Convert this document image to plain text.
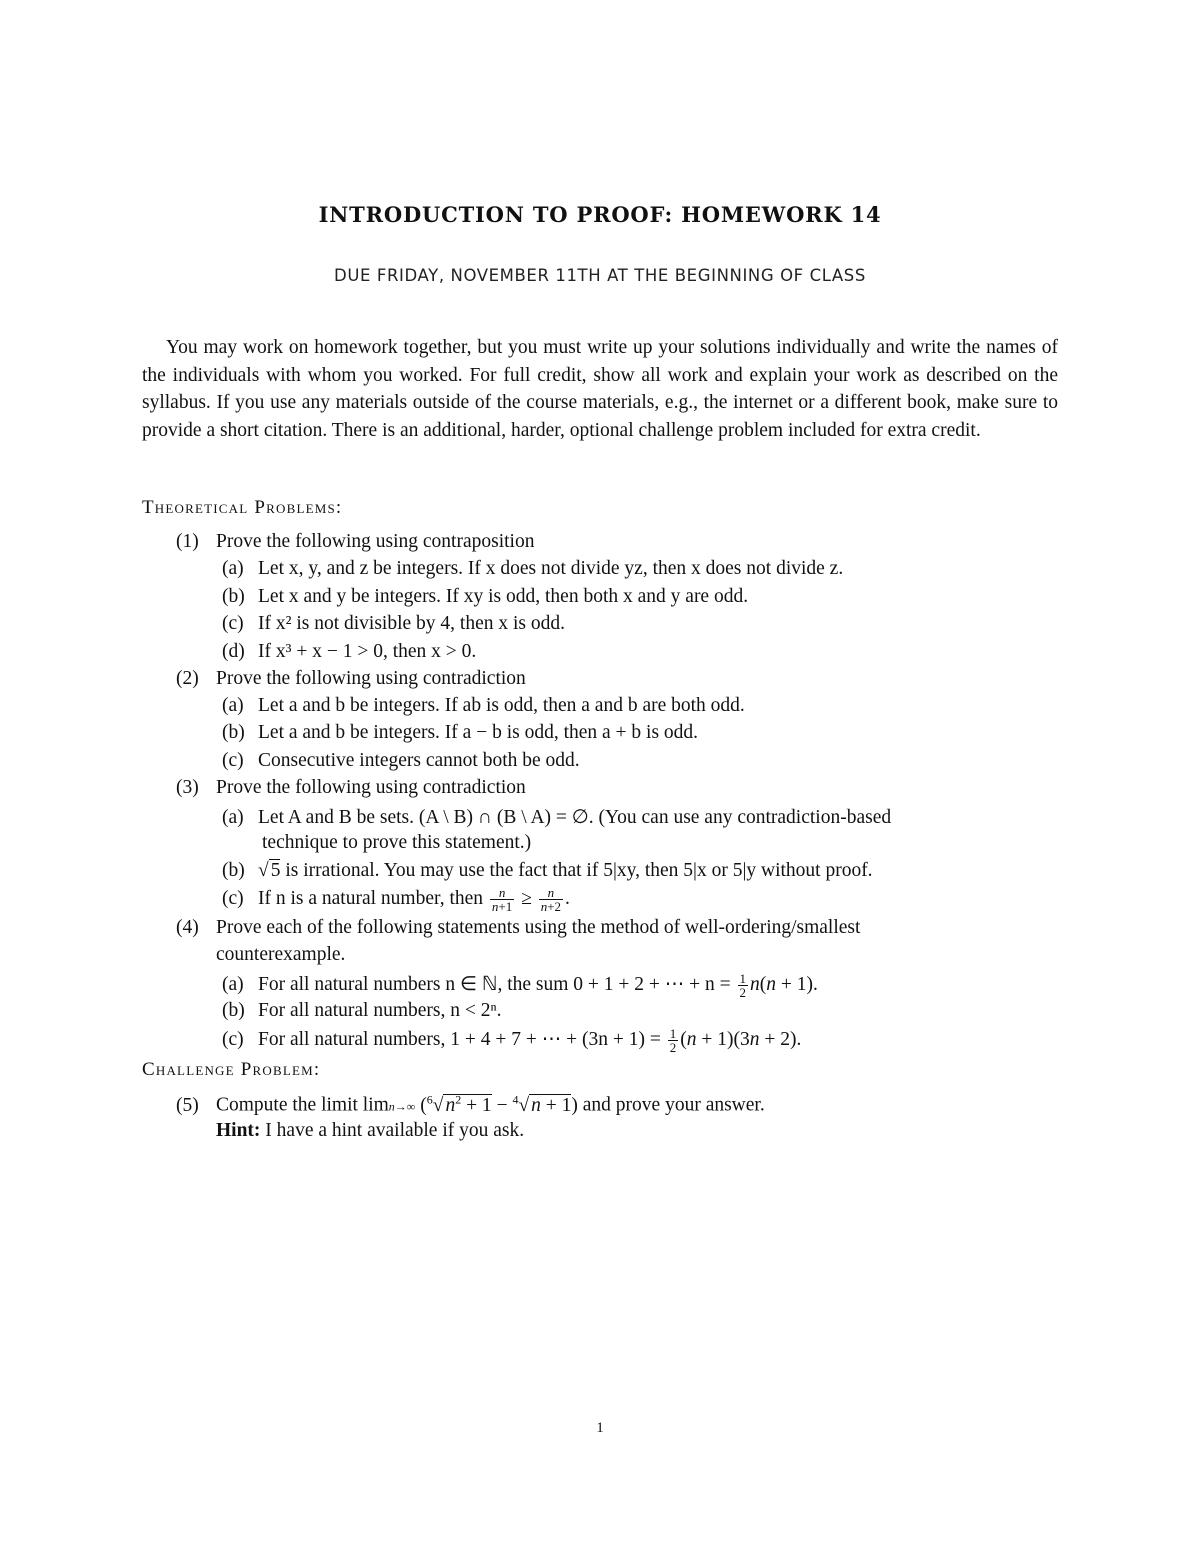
INTRODUCTION TO PROOF: HOMEWORK 14
DUE FRIDAY, NOVEMBER 11TH AT THE BEGINNING OF CLASS
You may work on homework together, but you must write up your solutions individually and write the names of the individuals with whom you worked. For full credit, show all work and explain your work as described on the syllabus. If you use any materials outside of the course materials, e.g., the internet or a different book, make sure to provide a short citation. There is an additional, harder, optional challenge problem included for extra credit.
Theoretical Problems:
(1) Prove the following using contraposition
(a) Let x, y, and z be integers. If x does not divide yz, then x does not divide z.
(b) Let x and y be integers. If xy is odd, then both x and y are odd.
(c) If x² is not divisible by 4, then x is odd.
(d) If x³ + x − 1 > 0, then x > 0.
(2) Prove the following using contradiction
(a) Let a and b be integers. If ab is odd, then a and b are both odd.
(b) Let a and b be integers. If a − b is odd, then a + b is odd.
(c) Consecutive integers cannot both be odd.
(3) Prove the following using contradiction
(a) Let A and B be sets. (A \ B) ∩ (B \ A) = ∅. (You can use any contradiction-based
technique to prove this statement.)
(b) √ 5 is irrational. You may use the fact that if 5|xy, then 5|x or 5|y without proof.
(c) If n is a natural number, then $\frac{n}{n+1} \ge \frac{n}{n+2}$ .
(4) Prove each of the following statements using the method of well-ordering/smallest
counterexample.
(a) For all natural numbers n ∈ ℕ, the sum 0 + 1 + 2 + ⋯ + $n = \frac{1}{2} n(n + 1)$.
(b) For all natural numbers, n < 2ⁿ.
(c) For all natural numbers, 1 + 4 + 7 + ⋯ + $(3n + 1) = \frac{1}{2} (n + 1)(3n + 2)$.
Challenge Problem:
(5) Compute the limit limn→∞ ($^6$√ $n^2 + 1 - ^4√$ n + 1) and prove your answer.
Hint: I have a hint available if you ask.
1
